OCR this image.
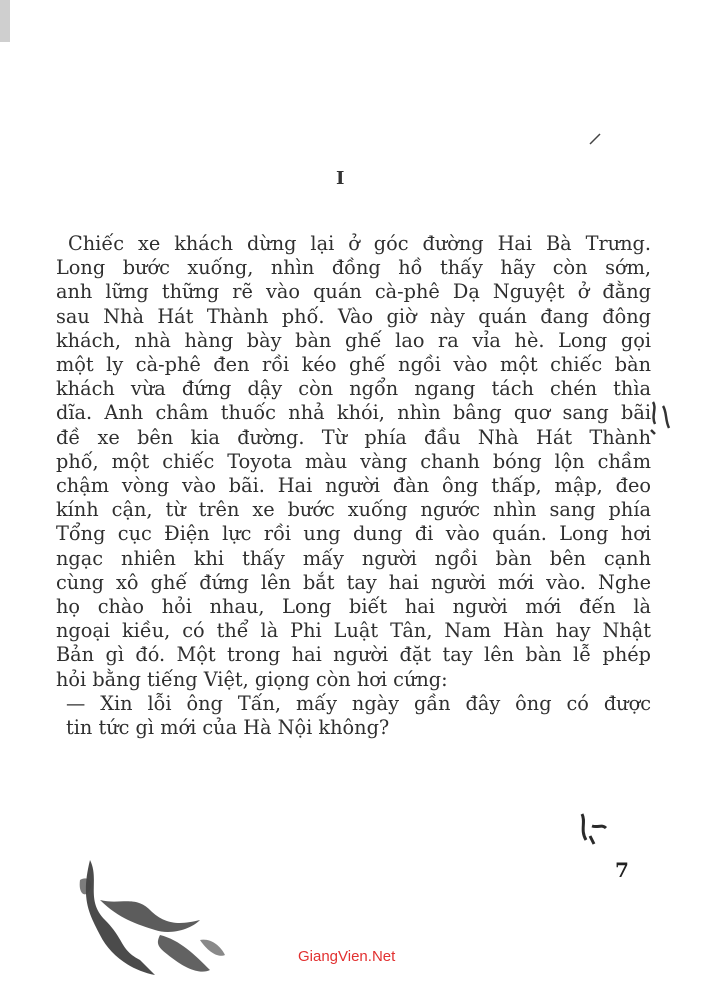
I
Chiếc xe khách dừng lại ở góc đường Hai Bà Trưng.
Long bước xuống, nhìn đồng hồ thấy hãy còn sớm,
anh lững thững rẽ vào quán cà-phê Dạ Nguyệt ở đằng
sau Nhà Hát Thành phố. Vào giờ này quán đang đông
khách, nhà hàng bày bàn ghế lao ra vỉa hè. Long gọi
một ly cà-phê đen rồi kéo ghế ngồi vào một chiếc bàn
khách vừa đứng dậy còn ngổn ngang tách chén thìa
dĩa. Anh châm thuốc nhả khói, nhìn bâng quơ sang bãi
đề xe bên kia đường. Từ phía đầu Nhà Hát Thành
phố, một chiếc Toyota màu vàng chanh bóng lộn chầm
chậm vòng vào bãi. Hai người đàn ông thấp, mập, đeo
kính cận, từ trên xe bước xuống ngước nhìn sang phía
Tổng cục Điện lực rồi ung dung đi vào quán. Long hơi
ngạc nhiên khi thấy mấy người ngồi bàn bên cạnh
cùng xô ghế đứng lên bắt tay hai người mới vào. Nghe
họ chào hỏi nhau, Long biết hai người mới đến là
ngoại kiều, có thể là Phi Luật Tân, Nam Hàn hay Nhật
Bản gì đó. Một trong hai người đặt tay lên bàn lễ phép
hỏi bằng tiếng Việt, giọng còn hơi cứng:
— Xin lỗi ông Tấn, mấy ngày gần đây ông có được
tin tức gì mới của Hà Nội không?
7
GiangVien.Net
